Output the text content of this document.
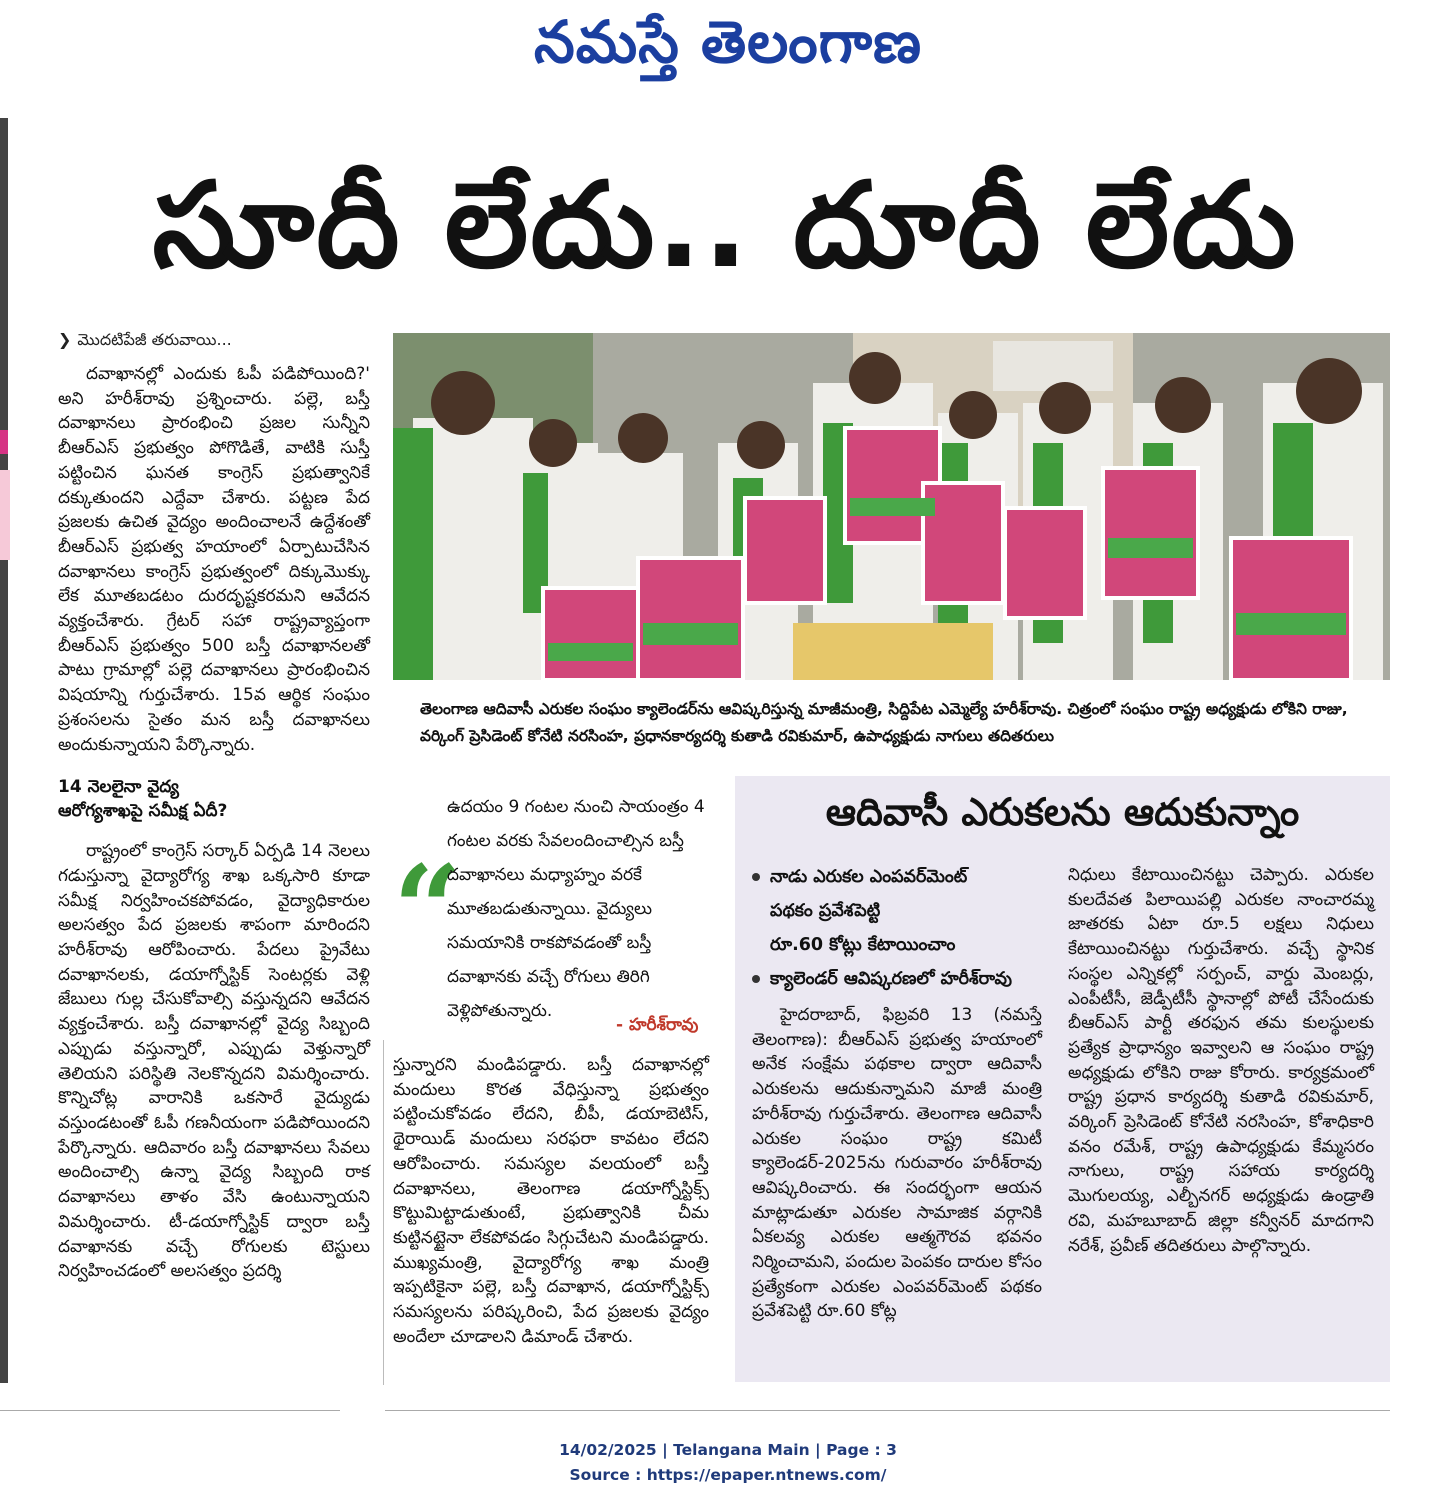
నమస్తే తెలంగాణ
సూదీ లేదు.. దూదీ లేదు
❯ మొదటిపేజీ తరువాయి...

దవాఖానల్లో ఎందుకు ఓపీ పడిపోయింది?' అని హరీశ్‌రావు ప్రశ్నించారు. పల్లె, బస్తీ దవాఖానలు ప్రారంభించి ప్రజల సున్నీని బీఆర్‌ఎస్ ప్రభుత్వం పోగొడితే, వాటికి సుస్తీ పట్టించిన ఘనత కాంగ్రెస్ ప్రభుత్వానికే దక్కుతుందని ఎద్దేవా చేశారు. పట్టణ పేద ప్రజలకు ఉచిత వైద్యం అందించాలనే ఉద్దేశంతో బీఆర్‌ఎస్ ప్రభుత్వ హయాంలో ఏర్పాటుచేసిన దవాఖానలు కాంగ్రెస్ ప్రభుత్వంలో దిక్కుమొక్కు లేక మూతబడటం దురదృష్టకరమని ఆవేదన వ్యక్తంచేశారు. గ్రేటర్ సహా రాష్ట్రవ్యాప్తంగా బీఆర్‌ఎస్ ప్రభుత్వం 500 బస్తీ దవాఖానలతో పాటు గ్రామాల్లో పల్లె దవాఖానలు ప్రారంభించిన విషయాన్ని గుర్తుచేశారు. 15వ ఆర్థిక సంఘం ప్రశంసలను సైతం మన బస్తీ దవాఖానలు అందుకున్నాయని పేర్కొన్నారు.

14 నెలలైనా వైద్య
ఆరోగ్యశాఖపై సమీక్ష ఏదీ?

రాష్ట్రంలో కాంగ్రెస్ సర్కార్ ఏర్పడి 14 నెలలు గడుస్తున్నా వైద్యారోగ్య శాఖ ఒక్కసారి కూడా సమీక్ష నిర్వహించకపోవడం, వైద్యాధికారుల అలసత్వం పేద ప్రజలకు శాపంగా మారిందని హరీశ్‌రావు ఆరోపించారు. పేదలు ప్రైవేటు దవాఖానలకు, డయాగ్నోస్టిక్ సెంటర్లకు వెళ్లి జేబులు గుల్ల చేసుకోవాల్సి వస్తున్నదని ఆవేదన వ్యక్తంచేశారు. బస్తీ దవాఖానల్లో వైద్య సిబ్బంది ఎప్పుడు వస్తున్నారో, ఎప్పుడు వెళ్తున్నారో తెలియని పరిస్థితి నెలకొన్నదని విమర్శించారు. కొన్నిచోట్ల వారానికి ఒకసారే వైద్యుడు వస్తుండటంతో ఓపీ గణనీయంగా పడిపోయిందని పేర్కొన్నారు. ఆదివారం బస్తీ దవాఖానలు సేవలు అందించాల్సి ఉన్నా వైద్య సిబ్బంది రాక దవాఖానలు తాళం వేసి ఉంటున్నాయని విమర్శించారు. టీ-డయాగ్నోస్టిక్ ద్వారా బస్తీ దవాఖానకు వచ్చే రోగులకు టెస్టులు నిర్వహించడంలో అలసత్వం ప్రదర్శి

తెలంగాణ ఆదివాసీ ఎరుకల సంఘం క్యాలెండర్‌ను ఆవిష్కరిస్తున్న మాజీమంత్రి, సిద్దిపేట ఎమ్మెల్యే హరీశ్‌రావు. చిత్రంలో సంఘం రాష్ట్ర అధ్యక్షుడు లోకిని రాజు, వర్కింగ్ ప్రెసిడెంట్ కోనేటి నరసింహ, ప్రధానకార్యదర్శి కుతాడి రవికుమార్, ఉపాధ్యక్షుడు నాగులు తదితరులు
“
ఉదయం 9 గంటల నుంచి సాయంత్రం 4 గంటల వరకు సేవలందించాల్సిన బస్తీ దవాఖానలు మధ్యాహ్నం వరకే మూతబడుతున్నాయి. వైద్యులు సమయానికి రాకపోవడంతో బస్తీ దవాఖానకు వచ్చే రోగులు తిరిగి వెళ్లిపోతున్నారు.
- హరీశ్‌రావు

స్తున్నారని మండిపడ్డారు. బస్తీ దవాఖానల్లో మందులు కొరత వేధిస్తున్నా ప్రభుత్వం పట్టించుకోవడం లేదని, బీపీ, డయాబెటిస్, థైరాయిడ్ మందులు సరఫరా కావటం లేదని ఆరోపించారు. సమస్యల వలయంలో బస్తీ దవాఖానలు, తెలంగాణ డయాగ్నోస్టిక్స్ కొట్టుమిట్టాడుతుంటే, ప్రభుత్వానికి చీమ కుట్టినట్టైనా లేకపోవడం సిగ్గుచేటని మండిపడ్డారు. ముఖ్యమంత్రి, వైద్యారోగ్య శాఖ మంత్రి ఇప్పటికైనా పల్లె, బస్తీ దవాఖాన, డయాగ్నోస్టిక్స్ సమస్యలను పరిష్కరించి, పేద ప్రజలకు వైద్యం అందేలా చూడాలని డిమాండ్ చేశారు.

ఆదివాసీ ఎరుకలను ఆదుకున్నాం
నాడు ఎరుకల ఎంపవర్‌మెంట్
పథకం ప్రవేశపెట్టి
రూ.60 కోట్లు కేటాయించాం
క్యాలెండర్ ఆవిష్కరణలో హరీశ్‌రావు

హైదరాబాద్, ఫిబ్రవరి 13 (నమస్తే తెలంగాణ): బీఆర్‌ఎస్ ప్రభుత్వ హయాంలో అనేక సంక్షేమ పథకాల ద్వారా ఆదివాసీ ఎరుకలను ఆదుకున్నామని మాజీ మంత్రి హరీశ్‌రావు గుర్తుచేశారు. తెలంగాణ ఆదివాసీ ఎరుకల సంఘం రాష్ట్ర కమిటీ క్యాలెండర్-2025ను గురువారం హరీశ్‌రావు ఆవిష్కరించారు. ఈ సందర్భంగా ఆయన మాట్లాడుతూ ఎరుకల సామాజిక వర్గానికి ఏకలవ్య ఎరుకల ఆత్మగౌరవ భవనం నిర్మించామని, పందుల పెంపకం దారుల కోసం ప్రత్యేకంగా ఎరుకల ఎంపవర్‌మెంట్ పథకం ప్రవేశపెట్టి రూ.60 కోట్ల

నిధులు కేటాయించినట్టు చెప్పారు. ఎరుకల కులదేవత పిలాయిపల్లి ఎరుకల నాంచారమ్మ జాతరకు ఏటా రూ.5 లక్షలు నిధులు కేటాయించినట్టు గుర్తుచేశారు. వచ్చే స్థానిక సంస్థల ఎన్నికల్లో సర్పంచ్, వార్డు మెంబర్లు, ఎంపీటీసీ, జెడ్పీటీసీ స్థానాల్లో పోటీ చేసేందుకు బీఆర్‌ఎస్ పార్టీ తరఫున తమ కులస్థులకు ప్రత్యేక ప్రాధాన్యం ఇవ్వాలని ఆ సంఘం రాష్ట్ర అధ్యక్షుడు లోకిని రాజు కోరారు. కార్యక్రమంలో రాష్ట్ర ప్రధాన కార్యదర్శి కుతాడి రవికుమార్, వర్కింగ్ ప్రెసిడెంట్ కోనేటి నరసింహ, కోశాధికారి వనం రమేశ్, రాష్ట్ర ఉపాధ్యక్షుడు కేమ్మసరం నాగులు, రాష్ట్ర సహాయ కార్యదర్శి మొగులయ్య, ఎల్బీనగర్ అధ్యక్షుడు ఉండ్రాతి రవి, మహబూబాద్ జిల్లా కన్వీనర్ మాదగాని నరేశ్, ప్రవీణ్ తదితరులు పాల్గొన్నారు.

14/02/2025 | Telangana Main | Page : 3
Source : https://epaper.ntnews.com/
